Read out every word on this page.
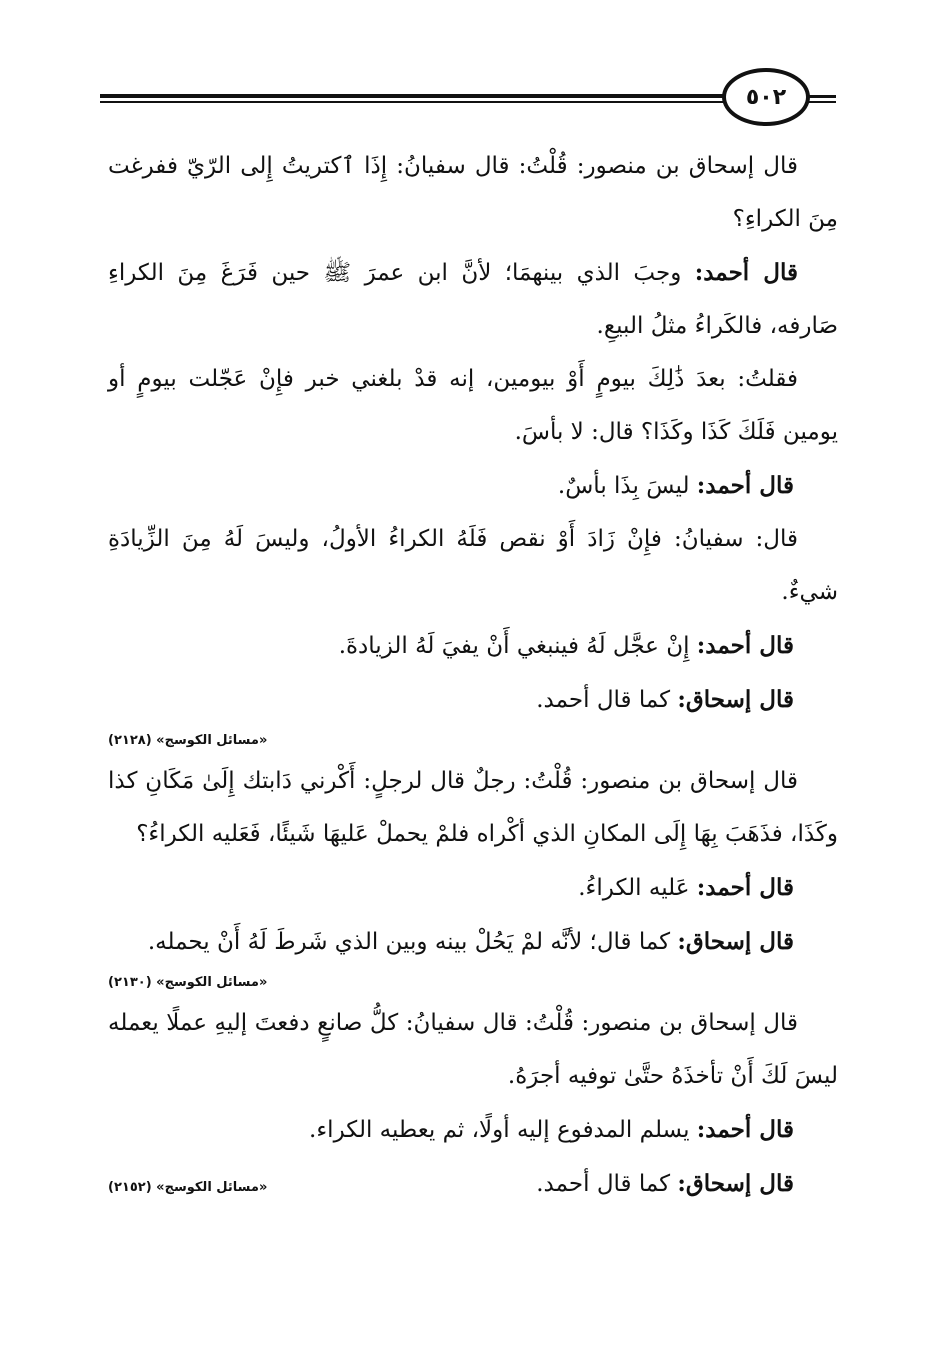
٥٠٢

قال إسحاق بن منصور: قُلْتُ: قال سفيانُ: إِذَا ٱكتريتُ إِلى الرّيّ ففرغت مِنَ الكراءِ؟

قال أحمد: وجبَ الذي بينهمَا؛ لأنَّ ابن عمرَ ﷺ حين فَرَغَ مِنَ الكراءِ صَارفه، فالكَراءُ مثلُ البيعِ.

فقلتُ: بعدَ ذَٰلِكَ بيومٍ أَوْ بيومين، إنه قدْ بلغني خبر فإِنْ عَجّلت بيومٍ أو يومين فَلَكَ كَذَا وكَذَا؟ قال: لا بأسَ.

قال أحمد: ليسَ بِذَا بأسٌ.

قال: سفيانُ: فإِنْ زَادَ أَوْ نقص فَلَهُ الكراءُ الأولُ، وليسَ لَهُ مِنَ الزِّيادَةِ شيءٌ.

قال أحمد: إِنْ عجَّل لَهُ فينبغي أَنْ يفيَ لَهُ الزيادةَ.

قال إسحاق: كما قال أحمد.

«مسائل الكوسج» (٢١٢٨)

قال إسحاق بن منصور: قُلْتُ: رجلٌ قال لرجلٍ: أَكْرني دَابتك إِلَىٰ مَكَانِ كذا وكَذَا، فذَهَبَ بِهَا إِلَى المكانِ الذي أكْراه فلمْ يحملْ عَليهَا شَيئًا، فَعَليه الكراءُ؟

قال أحمد: عَليه الكراءُ.

قال إسحاق: كما قال؛ لأنَّه لمْ يَحُلْ بينه وبين الذي شَرطَ لَهُ أَنْ يحمله.

«مسائل الكوسج» (٢١٣٠)

قال إسحاق بن منصور: قُلْتُ: قال سفيانُ: كلُّ صانعٍ دفعتَ إليهِ عملًا يعمله ليسَ لَكَ أَنْ تأخذَهُ حتَّىٰ توفيه أجرَهُ.

قال أحمد: يسلم المدفوع إليه أولًا، ثم يعطيه الكراء.

قال إسحاق: كما قال أحمد.

«مسائل الكوسج» (٢١٥٢)
